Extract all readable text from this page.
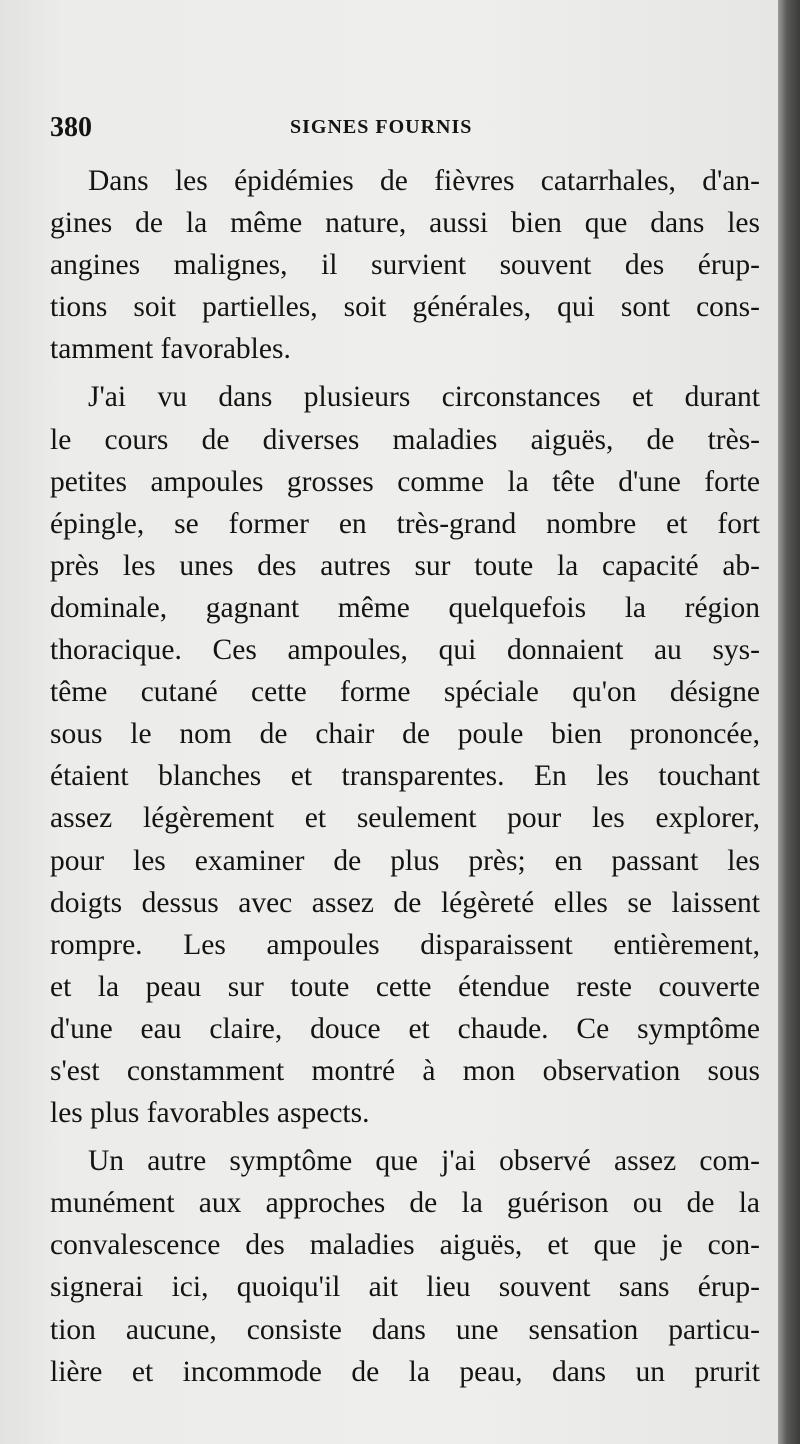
380	SIGNES FOURNIS

Dans les épidémies de fièvres catarrhales, d'an-
gines de la même nature, aussi bien que dans les
angines malignes, il survient souvent des érup-
tions soit partielles, soit générales, qui sont cons-
tamment favorables.

J'ai vu dans plusieurs circonstances et durant
le cours de diverses maladies aiguës, de très-
petites ampoules grosses comme la tête d'une forte
épingle, se former en très-grand nombre et fort
près les unes des autres sur toute la capacité ab-
dominale, gagnant même quelquefois la région
thoracique. Ces ampoules, qui donnaient au sys-
tême cutané cette forme spéciale qu'on désigne
sous le nom de chair de poule bien prononcée,
étaient blanches et transparentes. En les touchant
assez légèrement et seulement pour les explorer,
pour les examiner de plus près; en passant les
doigts dessus avec assez de légèreté elles se laissent
rompre. Les ampoules disparaissent entièrement,
et la peau sur toute cette étendue reste couverte
d'une eau claire, douce et chaude. Ce symptôme
s'est constamment montré à mon observation sous
les plus favorables aspects.

Un autre symptôme que j'ai observé assez com-
munément aux approches de la guérison ou de la
convalescence des maladies aiguës, et que je con-
signerai ici, quoiqu'il ait lieu souvent sans érup-
tion aucune, consiste dans une sensation particu-
lière et incommode de la peau, dans un prurit
